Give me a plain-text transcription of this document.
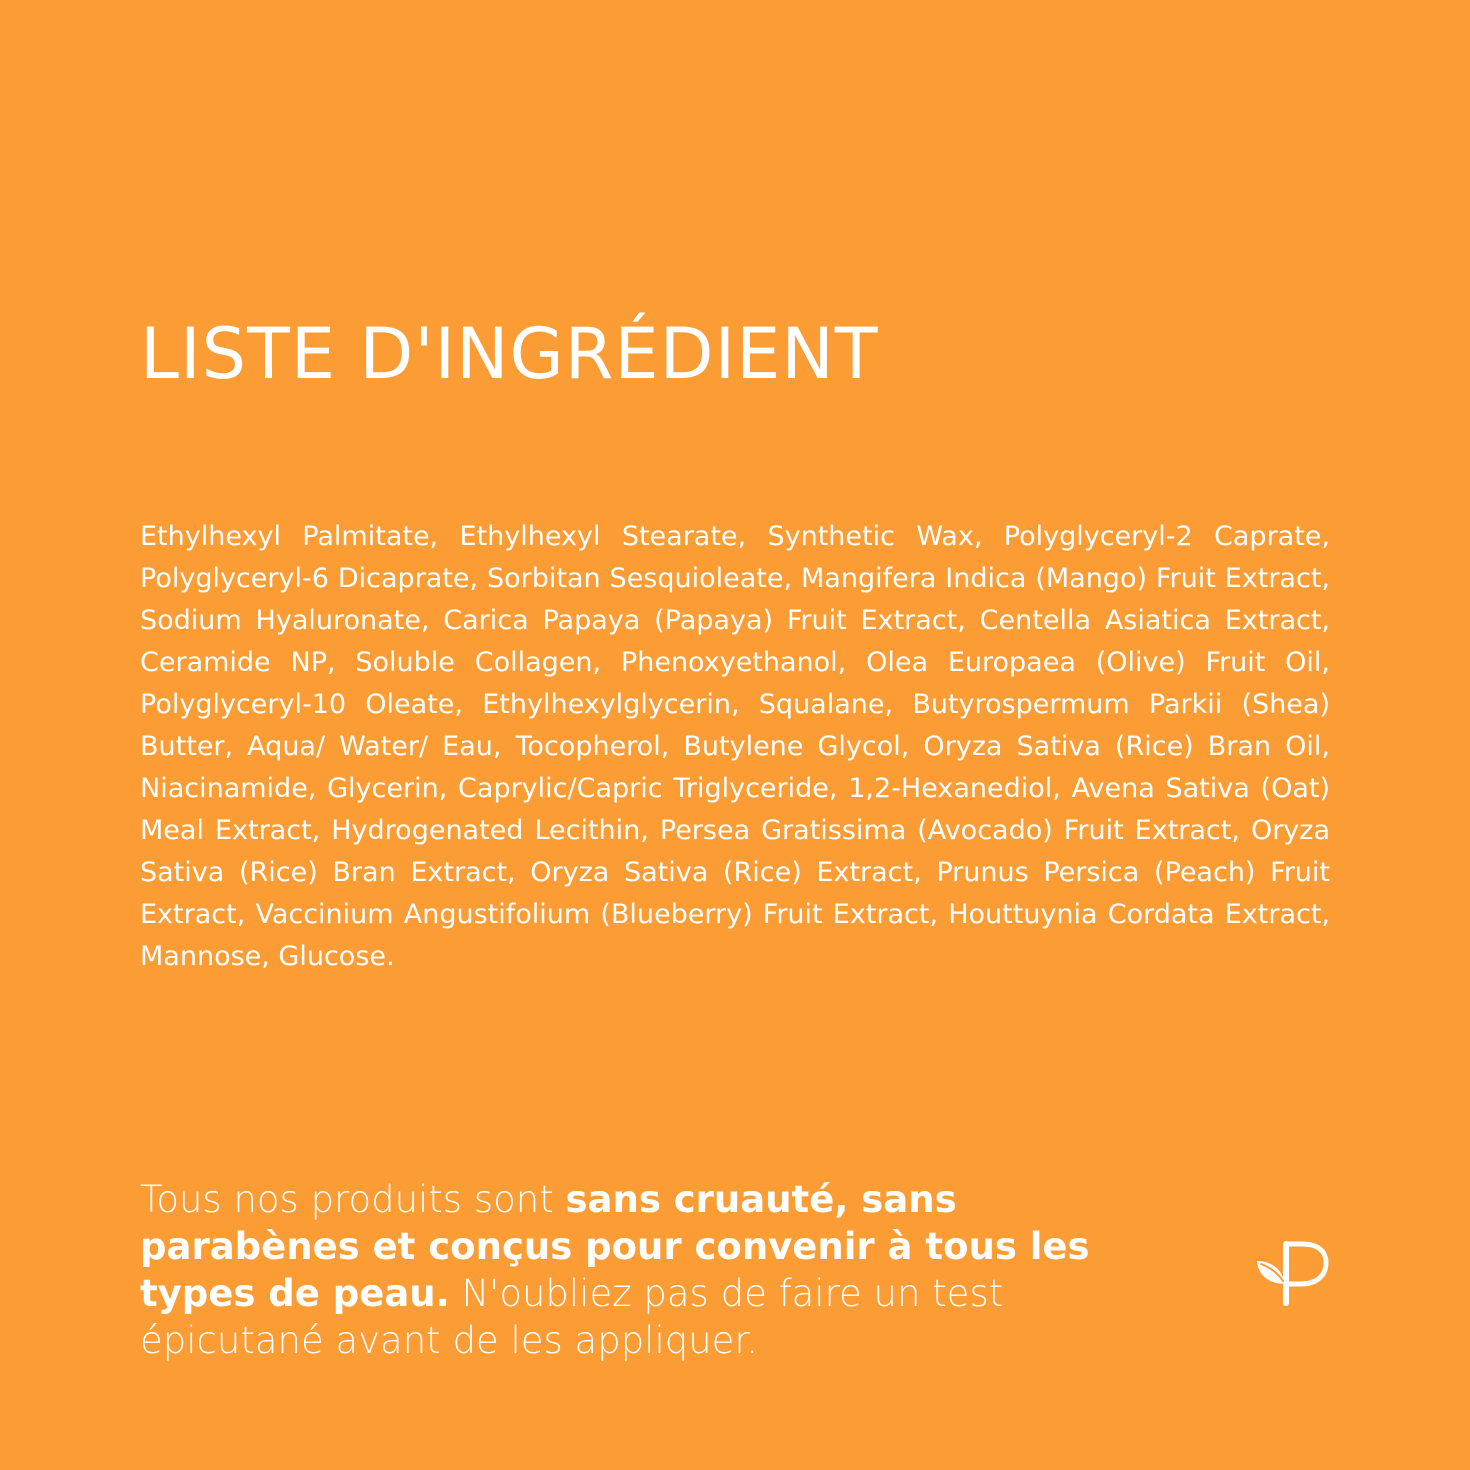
LISTE D'INGRÉDIENT

Ethylhexyl Palmitate, Ethylhexyl Stearate, Synthetic Wax, Polyglyceryl-2 Caprate, Polyglyceryl-6 Dicaprate, Sorbitan Sesquioleate, Mangifera Indica (Mango) Fruit Extract, Sodium Hyaluronate, Carica Papaya (Papaya) Fruit Extract, Centella Asiatica Extract, Ceramide NP, Soluble Collagen, Phenoxyethanol, Olea Europaea (Olive) Fruit Oil, Polyglyceryl-10 Oleate, Ethylhexylglycerin, Squalane, Butyrospermum Parkii (Shea) Butter, Aqua/ Water/ Eau, Tocopherol, Butylene Glycol, Oryza Sativa (Rice) Bran Oil, Niacinamide, Glycerin, Caprylic/Capric Triglyceride, 1,2-Hexanediol, Avena Sativa (Oat) Meal Extract, Hydrogenated Lecithin, Persea Gratissima (Avocado) Fruit Extract, Oryza Sativa (Rice) Bran Extract, Oryza Sativa (Rice) Extract, Prunus Persica (Peach) Fruit Extract, Vaccinium Angustifolium (Blueberry) Fruit Extract, Houttuynia Cordata Extract, Mannose, Glucose.

Tous nos produits sont sans cruauté, sans parabènes et conçus pour convenir à tous les types de peau. N'oubliez pas de faire un test épicutané avant de les appliquer.
